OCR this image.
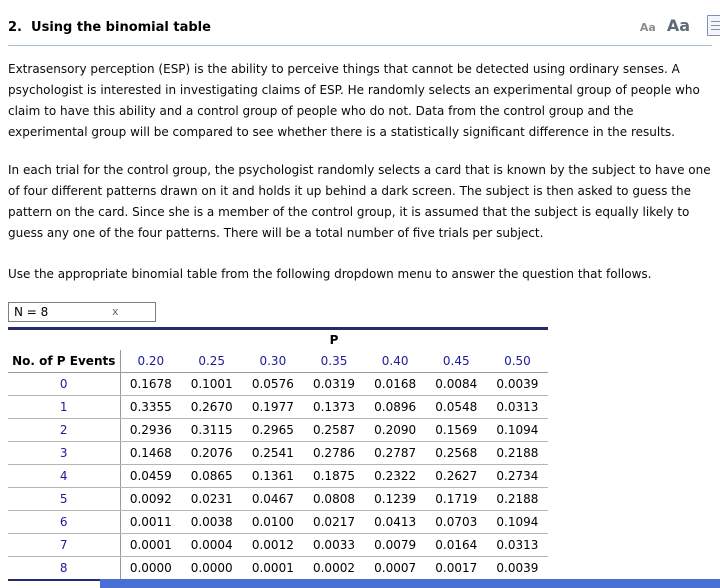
2.  Using the binomial table	Aa Aa

Extrasensory perception (ESP) is the ability to perceive things that cannot be detected using ordinary senses. A psychologist is interested in investigating claims of ESP. He randomly selects an experimental group of people who claim to have this ability and a control group of people who do not. Data from the control group and the experimental group will be compared to see whether there is a statistically significant difference in the results.

In each trial for the control group, the psychologist randomly selects a card that is known by the subject to have one of four different patterns drawn on it and holds it up behind a dark screen. The subject is then asked to guess the pattern on the card. Since she is a member of the control group, it is assumed that the subject is equally likely to guess any one of the four patterns. There will be a total number of five trials per subject.

Use the appropriate binomial table from the following dropdown menu to answer the question that follows.

N = 8	x
	P						
No. of P Events	0.20	0.25	0.30	0.35	0.40	0.45	0.50
0	0.1678	0.1001	0.0576	0.0319	0.0168	0.0084	0.0039
1	0.3355	0.2670	0.1977	0.1373	0.0896	0.0548	0.0313
2	0.2936	0.3115	0.2965	0.2587	0.2090	0.1569	0.1094
3	0.1468	0.2076	0.2541	0.2786	0.2787	0.2568	0.2188
4	0.0459	0.0865	0.1361	0.1875	0.2322	0.2627	0.2734
5	0.0092	0.0231	0.0467	0.0808	0.1239	0.1719	0.2188
6	0.0011	0.0038	0.0100	0.0217	0.0413	0.0703	0.1094
7	0.0001	0.0004	0.0012	0.0033	0.0079	0.0164	0.0313
8	0.0000	0.0000	0.0001	0.0002	0.0007	0.0017	0.0039
